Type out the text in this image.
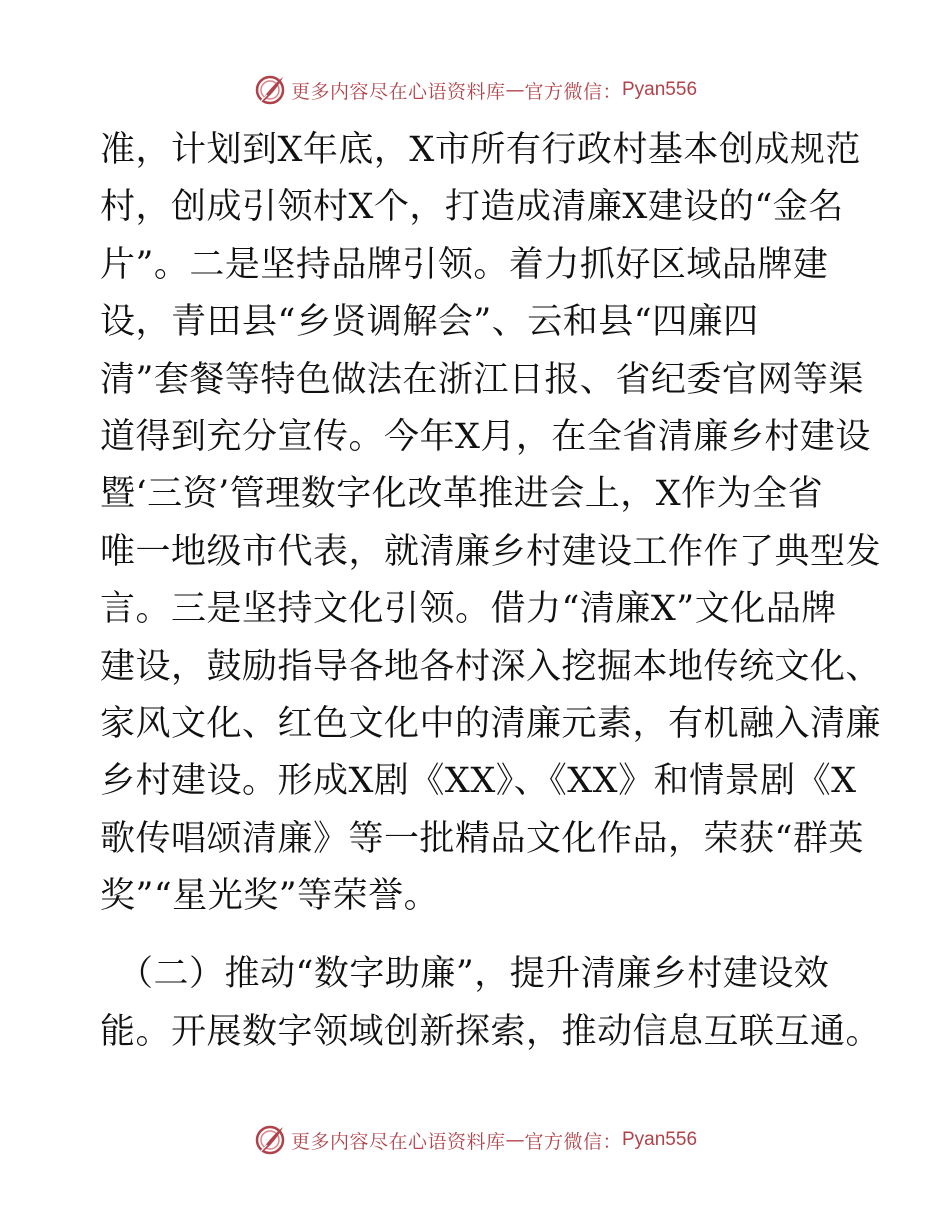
更多内容尽在心语资料库 — 官方微信： Pyan556
准，计划到X年底，X市所有行政村基本创成规范
村，创成引领村X个，打造成清廉X建设的“金名
片”。二是坚持品牌引领。着力抓好区域品牌建
设，青田县“乡贤调解会”、云和县“四廉四
清”套餐等特色做法在浙江日报、省纪委官网等渠
道得到充分宣传。今年X月，在全省清廉乡村建设
暨‘三资’管理数字化改革推进会上，X作为全省
唯一地级市代表，就清廉乡村建设工作作了典型发
言。三是坚持文化引领。借力“清廉X”文化品牌
建设，鼓励指导各地各村深入挖掘本地传统文化、
家风文化、红色文化中的清廉元素，有机融入清廉
乡村建设。形成X剧《XX》、《XX》和情景剧《X
歌传唱颂清廉》等一批精品文化作品，荣获“群英
奖”“星光奖”等荣誉。
（二）推动“数字助廉”，提升清廉乡村建设效
能。开展数字领域创新探索，推动信息互联互通。
更多内容尽在心语资料库 — 官方微信： Pyan556
